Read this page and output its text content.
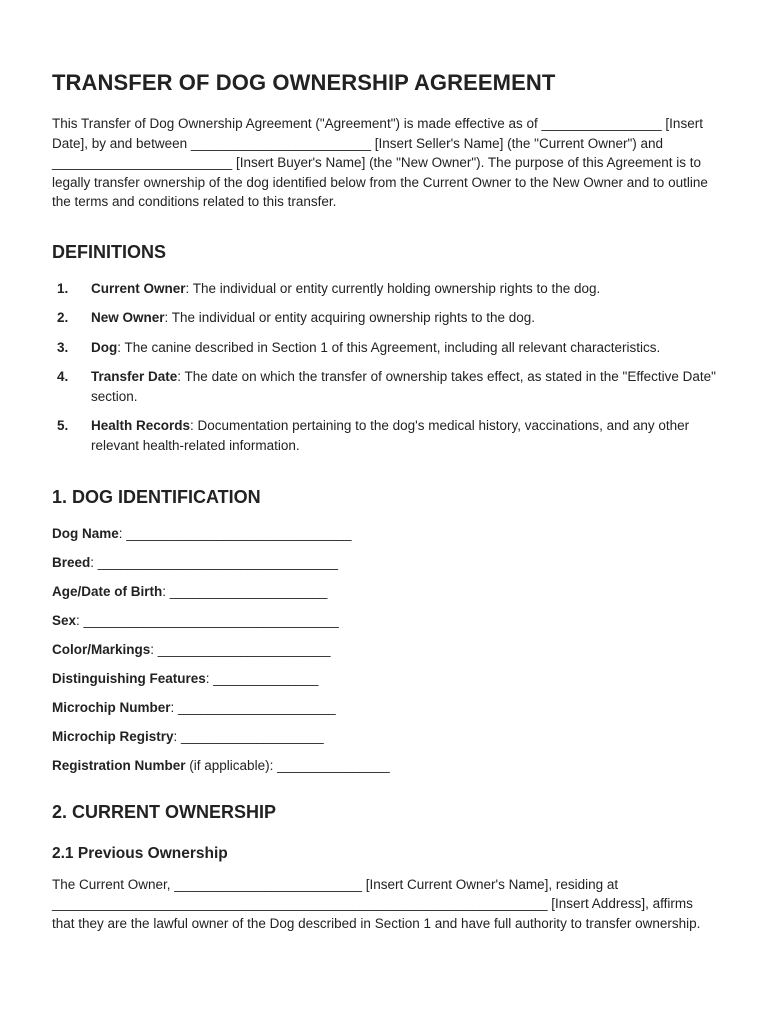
TRANSFER OF DOG OWNERSHIP AGREEMENT

This Transfer of Dog Ownership Agreement ("Agreement") is made effective as of ________________ [Insert Date], by and between ________________________ [Insert Seller's Name] (the "Current Owner") and ________________________ [Insert Buyer's Name] (the "New Owner"). The purpose of this Agreement is to legally transfer ownership of the dog identified below from the Current Owner to the New Owner and to outline the terms and conditions related to this transfer.

DEFINITIONS
1. Current Owner: The individual or entity currently holding ownership rights to the dog.
2. New Owner: The individual or entity acquiring ownership rights to the dog.
3. Dog: The canine described in Section 1 of this Agreement, including all relevant characteristics.
4. Transfer Date: The date on which the transfer of ownership takes effect, as stated in the "Effective Date" section.
5. Health Records: Documentation pertaining to the dog's medical history, vaccinations, and any other relevant health-related information.
1. DOG IDENTIFICATION
Dog Name: ______________________________
Breed: ________________________________
Age/Date of Birth: _____________________
Sex: __________________________________
Color/Markings: _______________________
Distinguishing Features: ______________
Microchip Number: _____________________
Microchip Registry: ___________________
Registration Number (if applicable): _______________
2. CURRENT OWNERSHIP
2.1 Previous Ownership

The Current Owner, _________________________ [Insert Current Owner's Name], residing at __________________________________________________________________ [Insert Address], affirms that they are the lawful owner of the Dog described in Section 1 and have full authority to transfer ownership.
